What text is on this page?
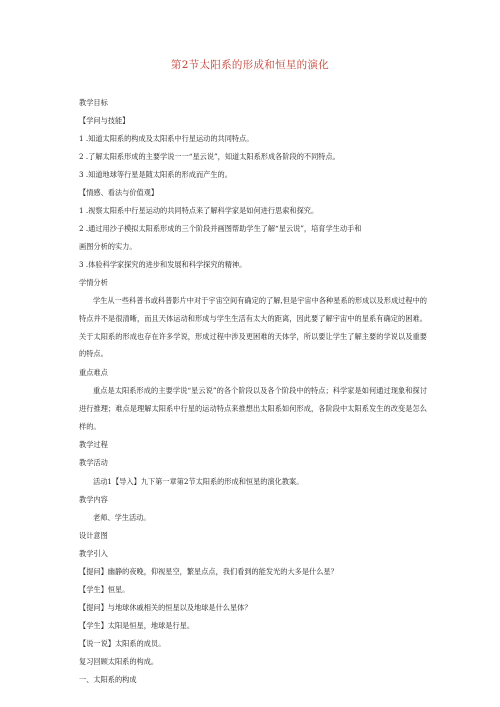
第2节太阳系的形成和恒星的演化
教学目标
【学问与技能】
1 .知道太阳系的构成及太阳系中行星运动的共同特点。
2 .了解太阳系形成的主要学说一一“星云说”，知道太阳系形成各阶段的不同特点。
3 .知道地球等行星是随太阳系的形成而产生的。
【情感、看法与价值观】
1 .视察太阳系中行星运动的共同特点来了解科学家是如何进行思索和探究。
2 .通过用沙子模拟太阳系形成的三个阶段并画图帮助学生了解“星云说”，培育学生动手和
画图分析的实力。
3 .体验科学家探究的进步和发展和科学探究的精神。
学情分析
学生从一些科普书或科普影片中对于宇宙空间有确定的了解,但是宇宙中各种星系的形成以及形成过程中的特点并不是很清晰，而且天体运动和形成与学生生活有太大的距离，因此要了解宇宙中的星系有确定的困难。关于太阳系的形成也存在许多学说，形成过程中涉及更困难的天体学，所以要让学生了解主要的学说以及重要的特点。
重点难点
重点是太阳系形成的主要学说“星云说”的各个阶段以及各个阶段中的特点；科学家是如何通过现象和探讨进行推理；难点是理解太阳系中行星的运动特点来推想出太阳系如何形成，各阶段中太阳系发生的改变是怎么样的。
教学过程
教学活动
活动1【导入】九下第一章第2节太阳系的形成和恒星的演化教案。
教学内容
老师、学生活动。
设计意图
教学引入
【提问】幽静的夜晚，仰视星空，繁星点点，我们看到的能发光的大多是什么星？
【学生】恒星。
【提问】与地球休戚相关的恒星以及地球是什么星体？
【学生】太阳是恒星，地球是行星。
【说一说】太阳系的成员。
复习回顾太阳系的构成。
一、太阳系的构成
